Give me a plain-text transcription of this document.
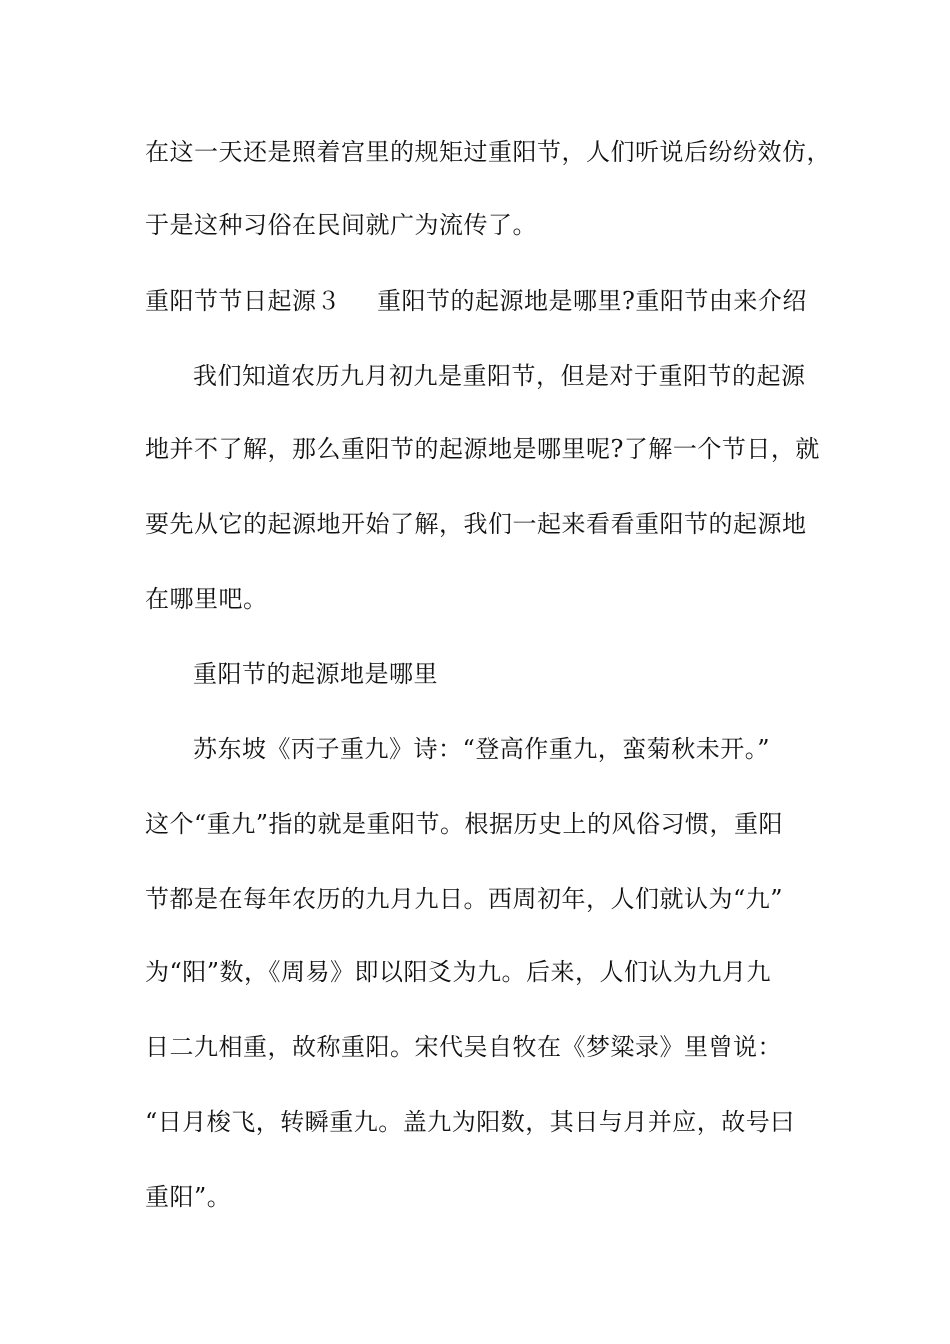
在这一天还是照着宫里的规矩过重阳节，人们听说后纷纷效仿，
于是这种习俗在民间就广为流传了。
重阳节节日起源３ 重阳节的起源地是哪里?重阳节由来介绍
我们知道农历九月初九是重阳节，但是对于重阳节的起源
地并不了解，那么重阳节的起源地是哪里呢?了解一个节日，就
要先从它的起源地开始了解，我们一起来看看重阳节的起源地
在哪里吧。
重阳节的起源地是哪里
苏东坡《丙子重九》诗：“登高作重九，蛮菊秋未开。”
这个“重九”指的就是重阳节。根据历史上的风俗习惯，重阳
节都是在每年农历的九月九日。西周初年，人们就认为“九”
为“阳”数，《周易》即以阳爻为九。后来，人们认为九月九
日二九相重，故称重阳。宋代吴自牧在《梦粱录》里曾说：
“日月梭飞，转瞬重九。盖九为阳数，其日与月并应，故号曰
重阳”。
